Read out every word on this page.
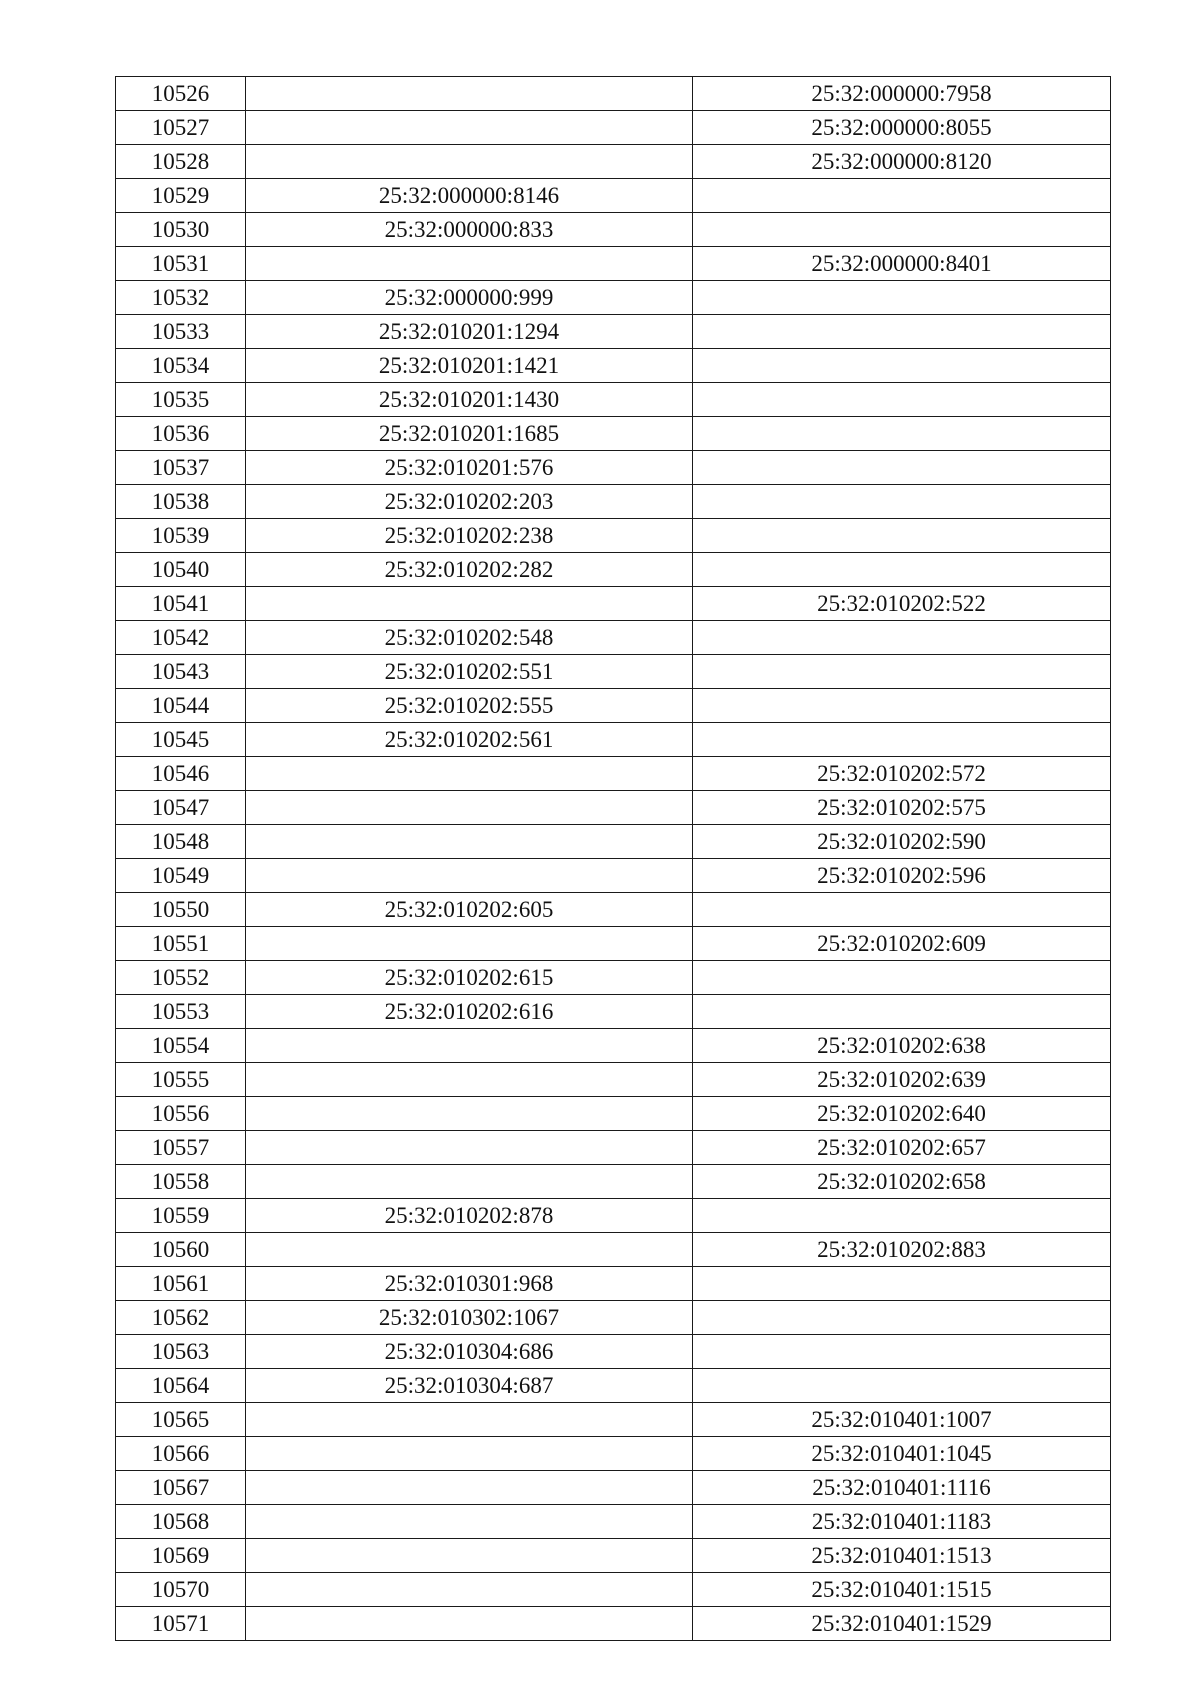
10526		25:32:000000:7958
10527		25:32:000000:8055
10528		25:32:000000:8120
10529	25:32:000000:8146	
10530	25:32:000000:833	
10531		25:32:000000:8401
10532	25:32:000000:999	
10533	25:32:010201:1294	
10534	25:32:010201:1421	
10535	25:32:010201:1430	
10536	25:32:010201:1685	
10537	25:32:010201:576	
10538	25:32:010202:203	
10539	25:32:010202:238	
10540	25:32:010202:282	
10541		25:32:010202:522
10542	25:32:010202:548	
10543	25:32:010202:551	
10544	25:32:010202:555	
10545	25:32:010202:561	
10546		25:32:010202:572
10547		25:32:010202:575
10548		25:32:010202:590
10549		25:32:010202:596
10550	25:32:010202:605	
10551		25:32:010202:609
10552	25:32:010202:615	
10553	25:32:010202:616	
10554		25:32:010202:638
10555		25:32:010202:639
10556		25:32:010202:640
10557		25:32:010202:657
10558		25:32:010202:658
10559	25:32:010202:878	
10560		25:32:010202:883
10561	25:32:010301:968	
10562	25:32:010302:1067	
10563	25:32:010304:686	
10564	25:32:010304:687	
10565		25:32:010401:1007
10566		25:32:010401:1045
10567		25:32:010401:1116
10568		25:32:010401:1183
10569		25:32:010401:1513
10570		25:32:010401:1515
10571		25:32:010401:1529
